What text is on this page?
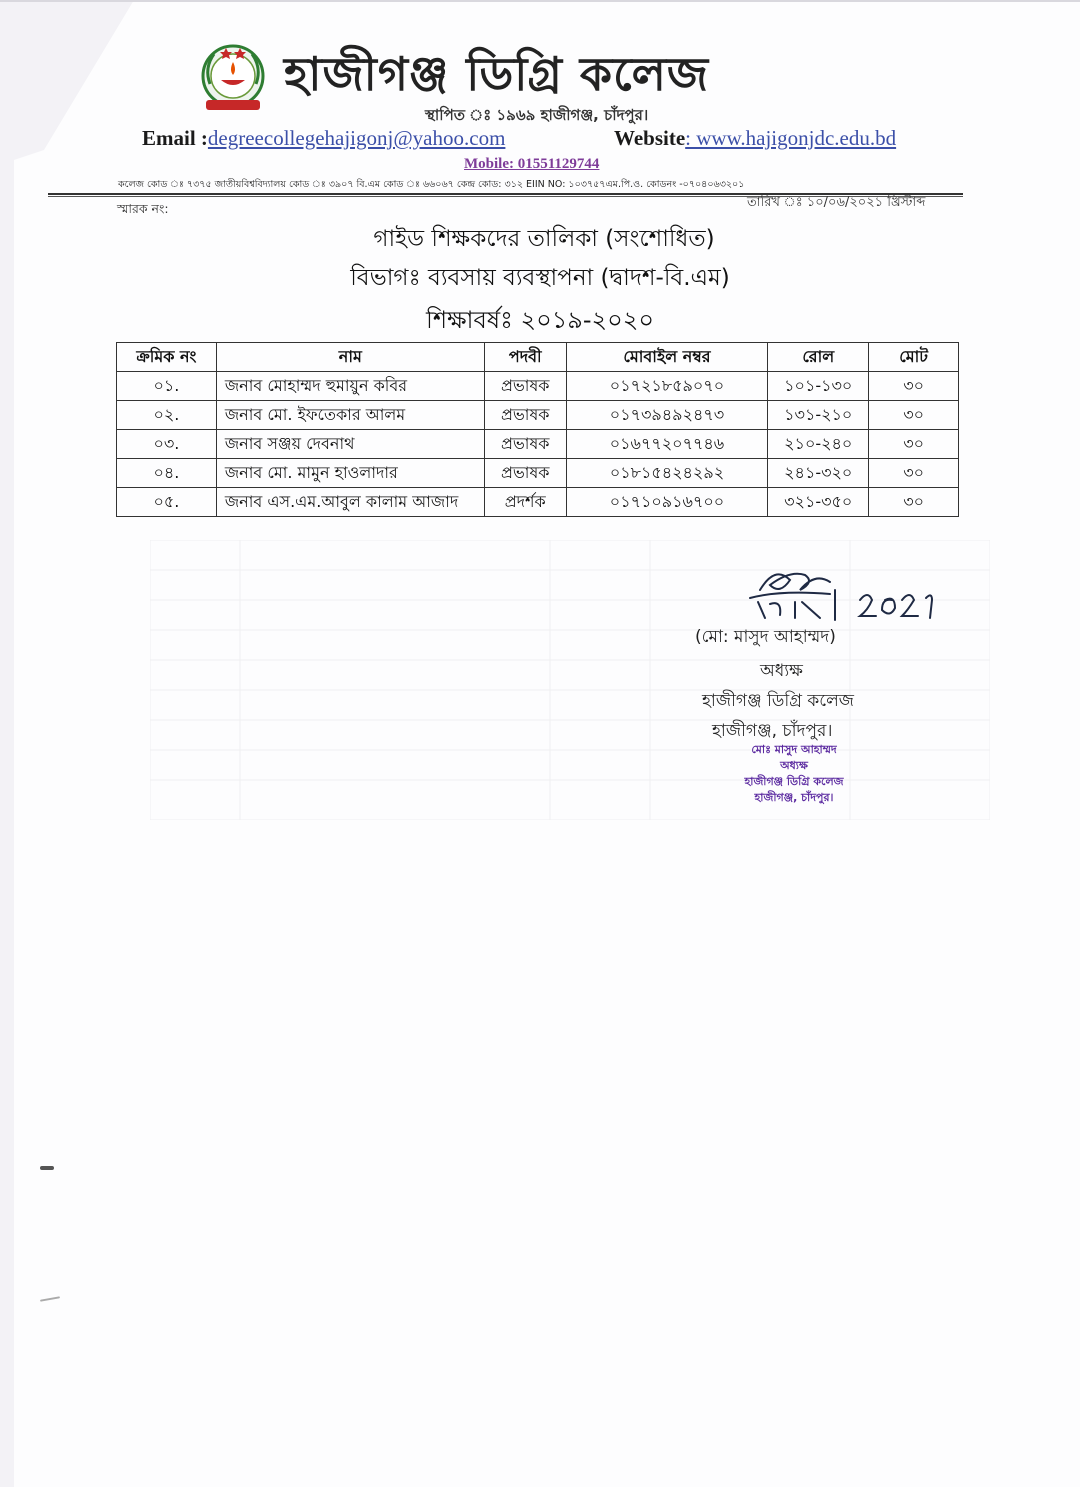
হাজীগঞ্জ ডিগ্রি কলেজ
স্থাপিত ঃ ১৯৬৯ হাজীগঞ্জ, চাঁদপুর।
Email :degreecollegehajigonj@yahoo.com	Website: www.hajigonjdc.edu.bd
Mobile: 01551129744
কলেজ কোড ঃ ৭৩৭৫ জাতীয়বিশ্ববিদ্যালয় কোড ঃ ৩৯০৭ বি.এম কোড ঃ ৬৬০৬৭ কেন্দ্র কোড: ৩১২ EIIN NO: ১০৩৭৫৭এম.পি.ও. কোডনং -০৭০৪০৬৩২০১
স্মারক নং:	তারিখ ঃ ১০/০৬/২০২১ খ্রিস্টাব্দ
গাইড শিক্ষকদের তালিকা (সংশোধিত)
বিভাগঃ ব্যবসায় ব্যবস্থাপনা (দ্বাদশ-বি.এম)
শিক্ষাবর্ষঃ ২০১৯-২০২০
ক্রমিক নং	নাম	পদবী	মোবাইল নম্বর	রোল	মোট
০১.	জনাব মোহাম্মদ হুমায়ুন কবির	প্রভাষক	০১৭২১৮৫৯০৭০	১০১-১৩০	৩০
০২.	জনাব মো. ইফতেকার আলম	প্রভাষক	০১৭৩৯৪৯২৪৭৩	১৩১-২১০	৩০
০৩.	জনাব সঞ্জয় দেবনাথ	প্রভাষক	০১৬৭৭২০৭৭৪৬	২১০-২৪০	৩০
০৪.	জনাব মো. মামুন হাওলাদার	প্রভাষক	০১৮১৫৪২৪২৯২	২৪১-৩২০	৩০
০৫.	জনাব এস.এম.আবুল কালাম আজাদ	প্রদর্শক	০১৭১০৯১৬৭০০	৩২১-৩৫০	৩০
(মো: মাসুদ আহাম্মদ)
অধ্যক্ষ
হাজীগঞ্জ ডিগ্রি কলেজ
হাজীগঞ্জ, চাঁদপুর।
মোঃ মাসুদ আহাম্মদ
অধ্যক্ষ
হাজীগঞ্জ ডিগ্রি কলেজ
হাজীগঞ্জ, চাঁদপুর।
